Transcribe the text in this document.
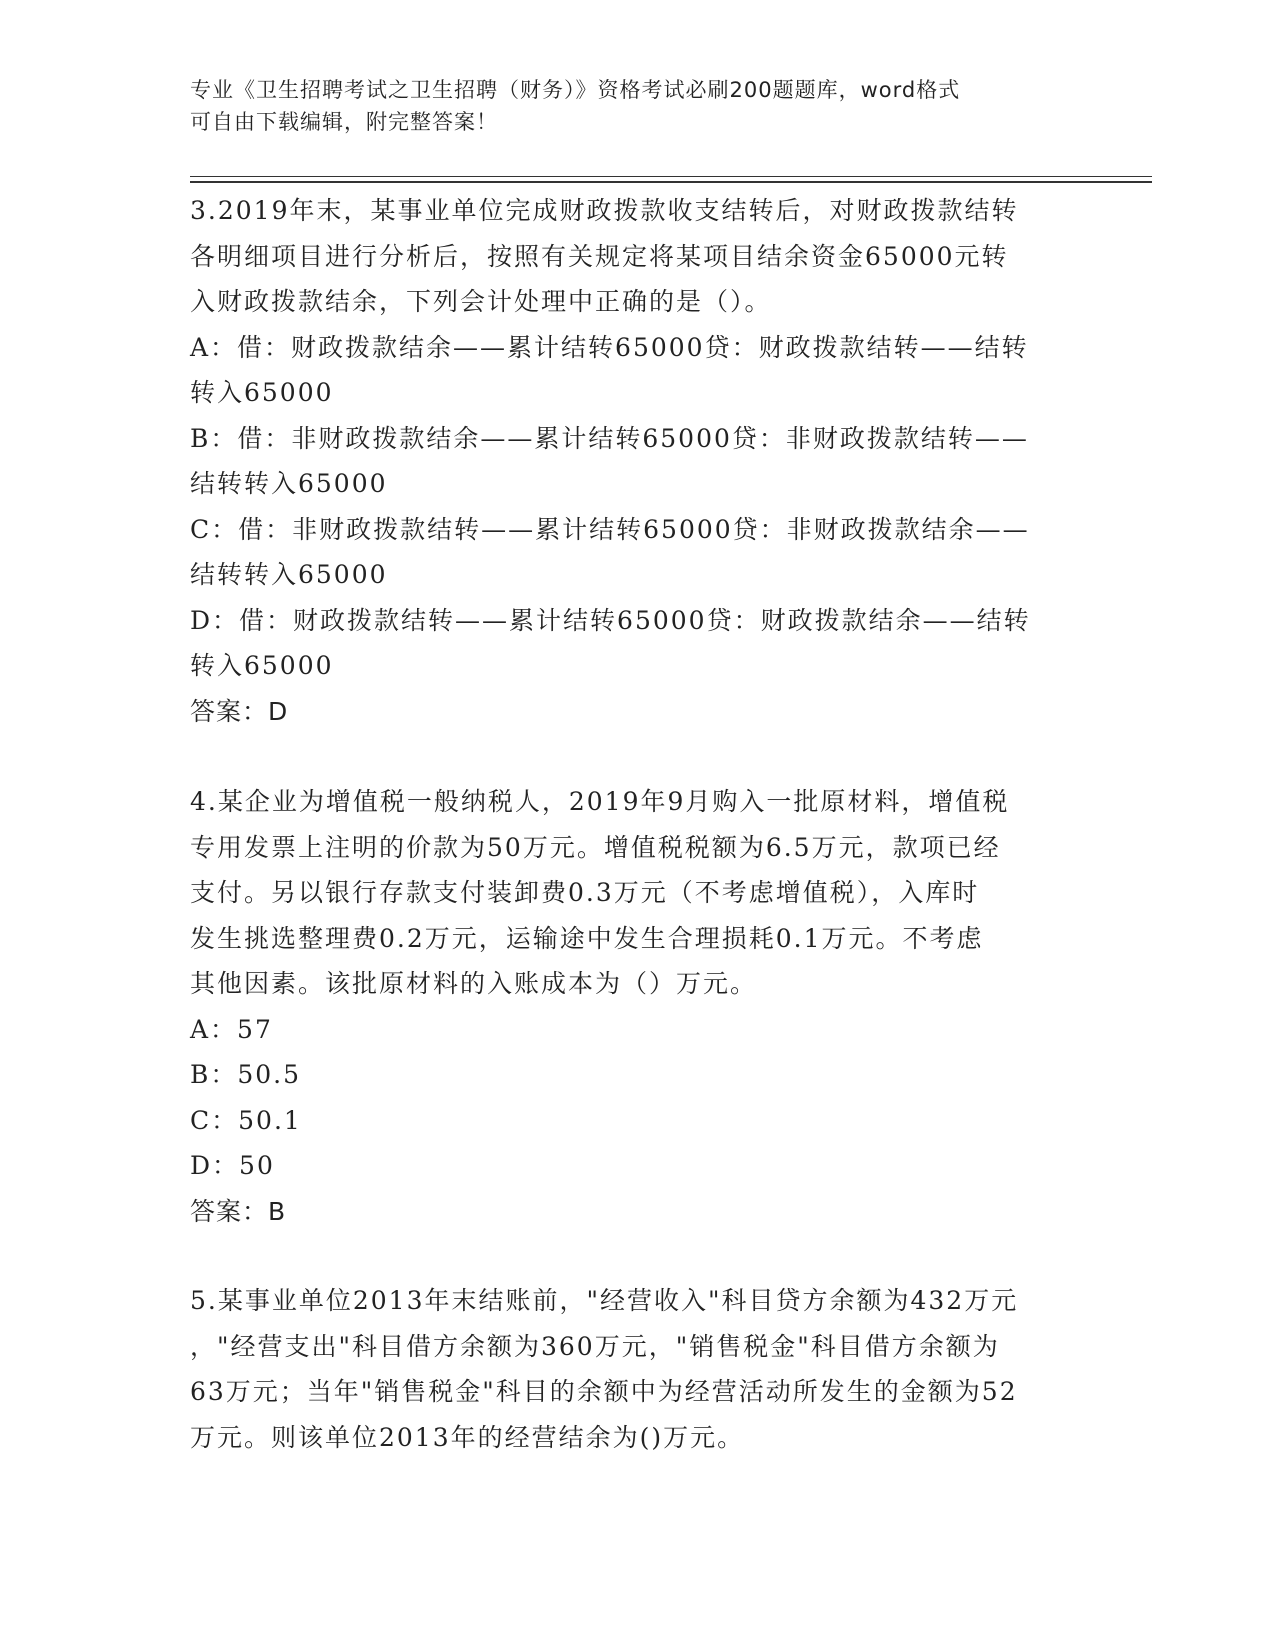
专业《卫生招聘考试之卫生招聘（财务）》资格考试必刷200题题库，word格式
可自由下载编辑，附完整答案！
3.2019年末，某事业单位完成财政拨款收支结转后，对财政拨款结转
各明细项目进行分析后，按照有关规定将某项目结余资金65000元转
入财政拨款结余，下列会计处理中正确的是（）。
A：借：财政拨款结余——累计结转65000贷：财政拨款结转——结转
转入65000
B：借：非财政拨款结余——累计结转65000贷：非财政拨款结转——
结转转入65000
C：借：非财政拨款结转——累计结转65000贷：非财政拨款结余——
结转转入65000
D：借：财政拨款结转——累计结转65000贷：财政拨款结余——结转
转入65000
答案：D
4.某企业为增值税一般纳税人，2019年9月购入一批原材料，增值税
专用发票上注明的价款为50万元。增值税税额为6.5万元，款项已经
支付。另以银行存款支付装卸费0.3万元（不考虑增值税），入库时
发生挑选整理费0.2万元，运输途中发生合理损耗0.1万元。不考虑
其他因素。该批原材料的入账成本为（）万元。
A：57
B：50.5
C：50.1
D：50
答案：B
5.某事业单位2013年末结账前，"经营收入"科目贷方余额为432万元
，"经营支出"科目借方余额为360万元，"销售税金"科目借方余额为
63万元；当年"销售税金"科目的余额中为经营活动所发生的金额为52
万元。则该单位2013年的经营结余为()万元。
